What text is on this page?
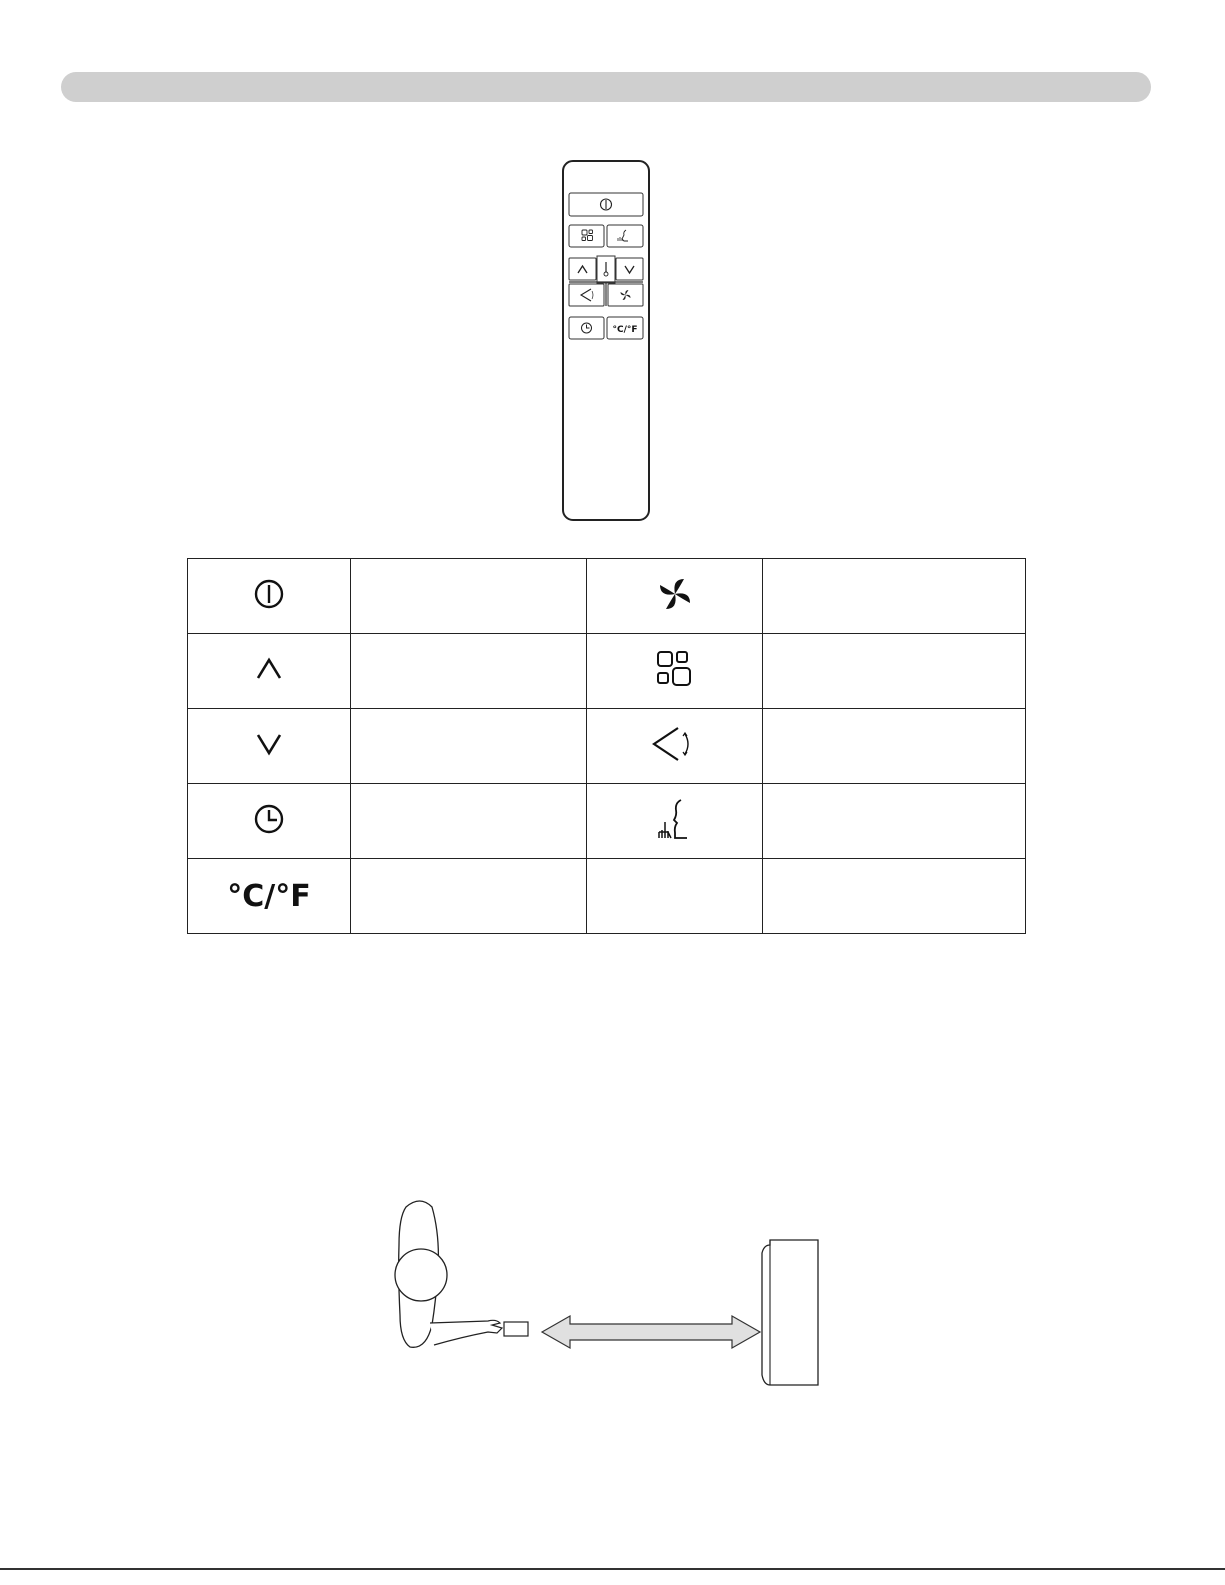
°C/°F

°C/°F			
